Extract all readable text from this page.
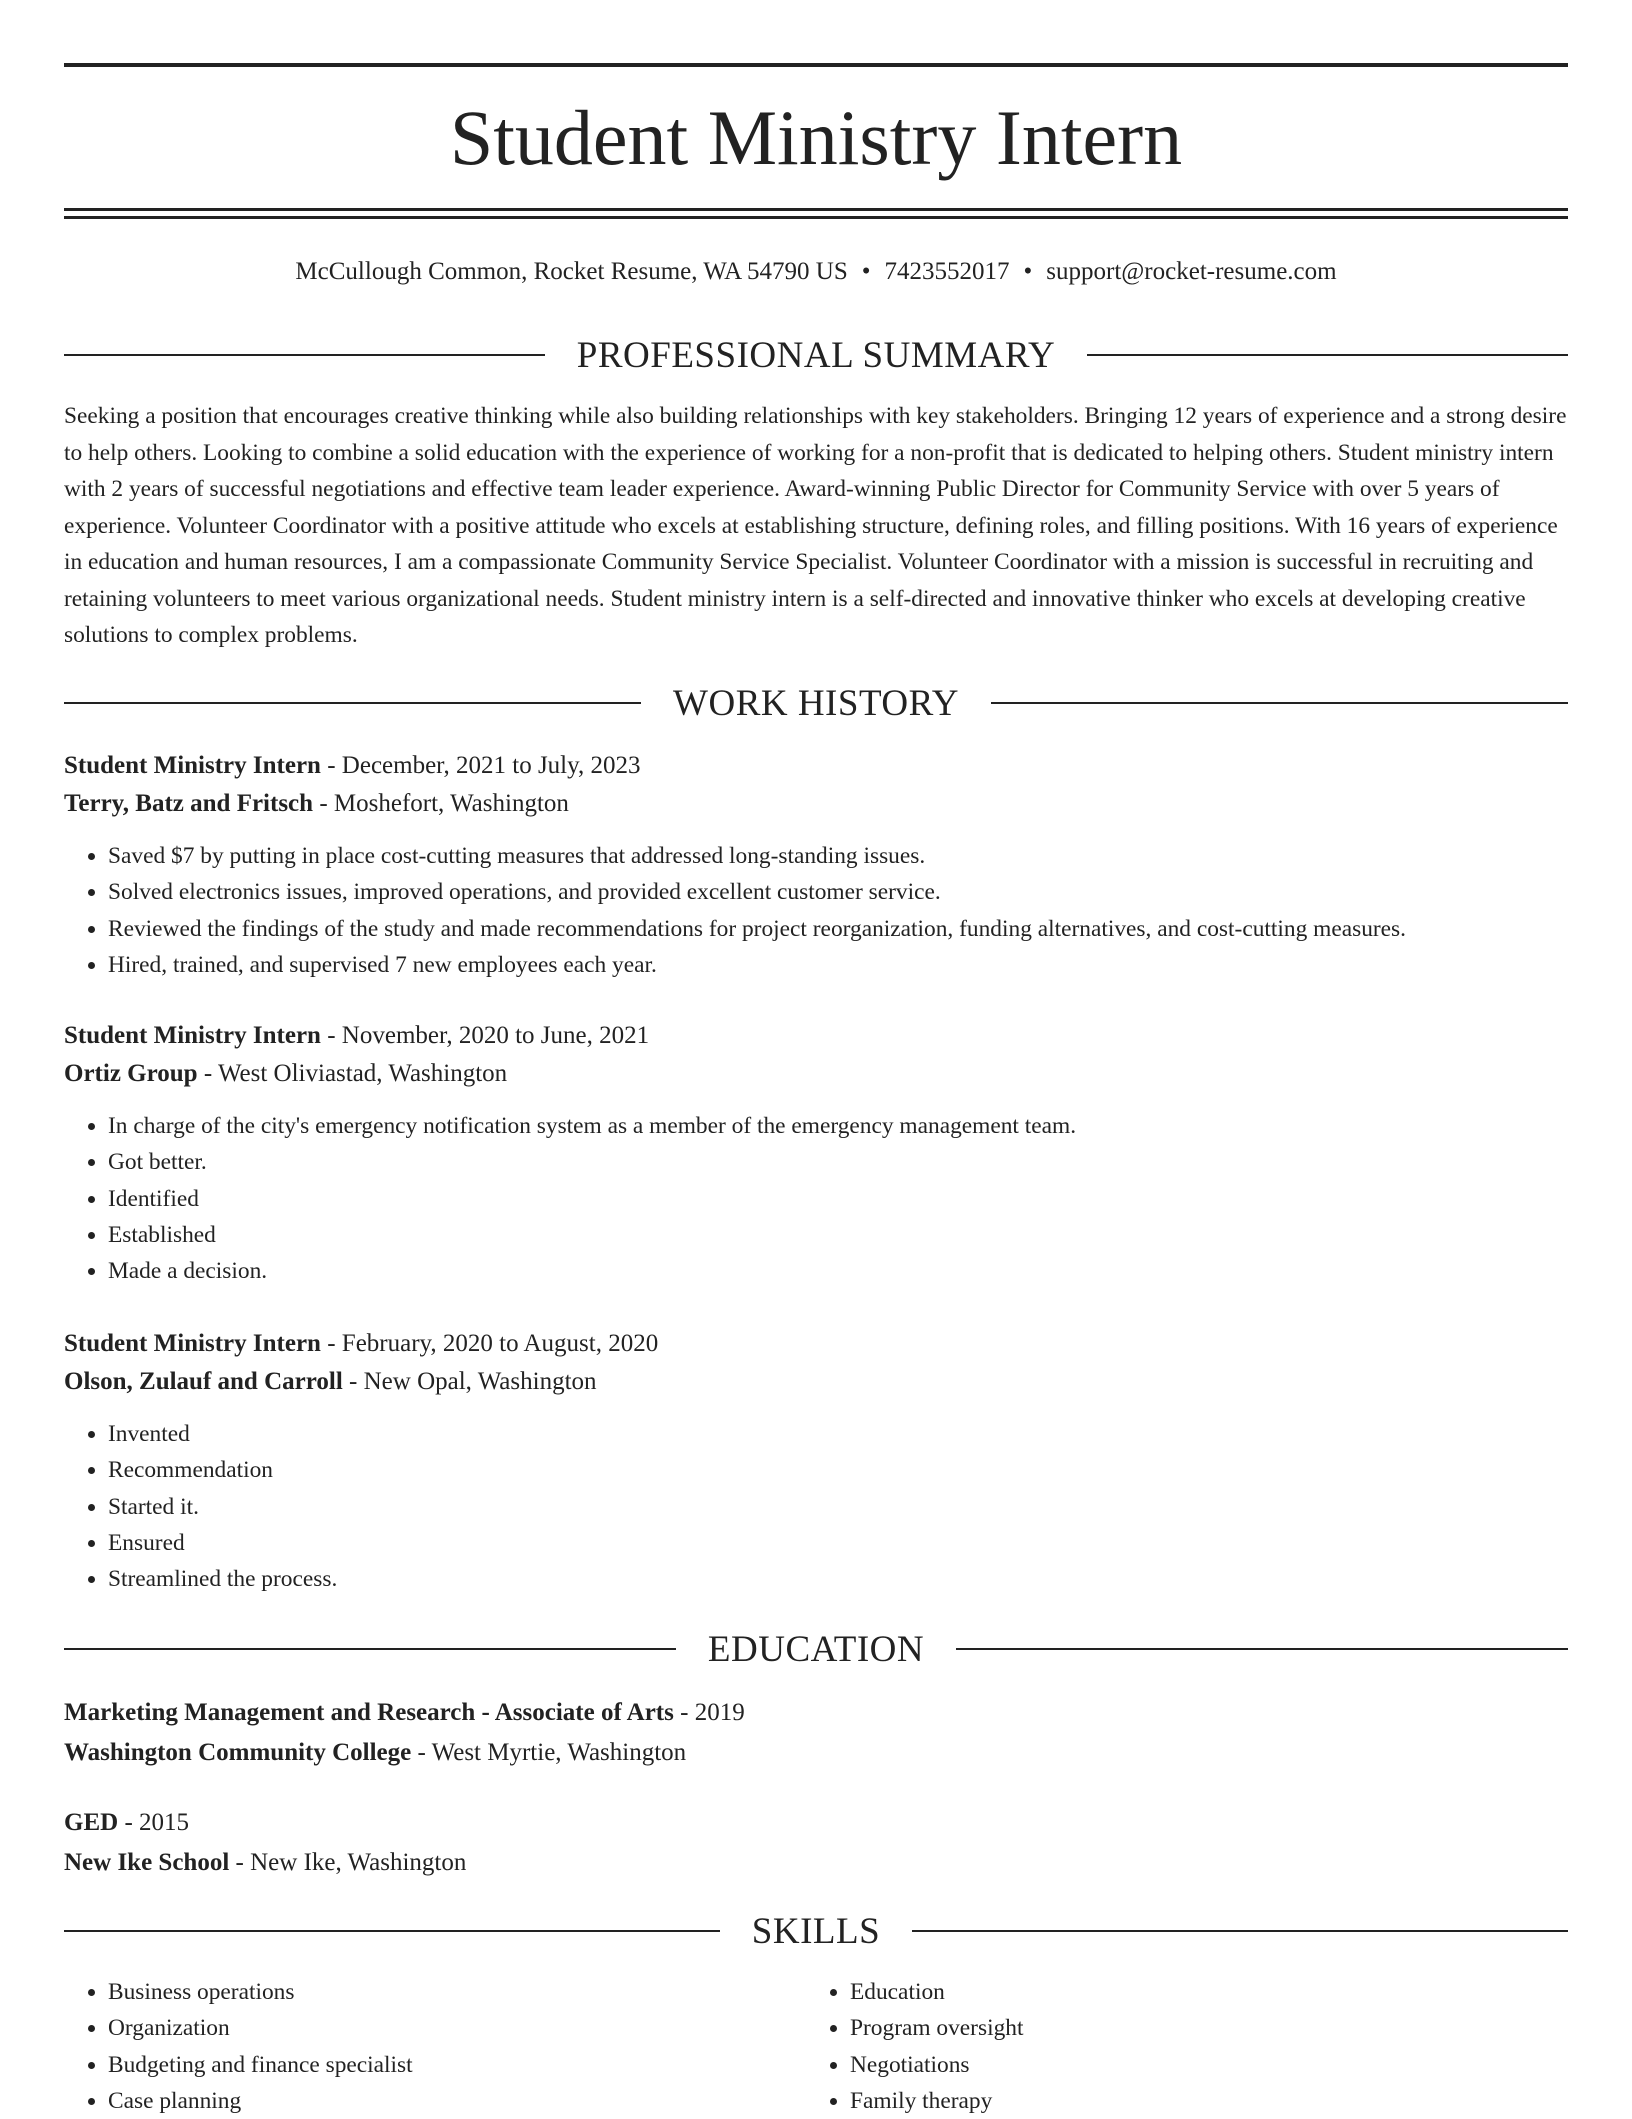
Student Ministry Intern
McCullough Common, Rocket Resume, WA 54790 US • 7423552017 • support@rocket-resume.com
PROFESSIONAL SUMMARY

Seeking a position that encourages creative thinking while also building relationships with key stakeholders. Bringing 12 years of experience and a strong desire to help others. Looking to combine a solid education with the experience of working for a non-profit that is dedicated to helping others. Student ministry intern with 2 years of successful negotiations and effective team leader experience. Award-winning Public Director for Community Service with over 5 years of experience. Volunteer Coordinator with a positive attitude who excels at establishing structure, defining roles, and filling positions. With 16 years of experience in education and human resources, I am a compassionate Community Service Specialist. Volunteer Coordinator with a mission is successful in recruiting and retaining volunteers to meet various organizational needs. Student ministry intern is a self-directed and innovative thinker who excels at developing creative solutions to complex problems.

WORK HISTORY
Student Ministry Intern - December, 2021 to July, 2023
Terry, Batz and Fritsch - Moshefort, Washington
• Saved $7 by putting in place cost-cutting measures that addressed long-standing issues.
• Solved electronics issues, improved operations, and provided excellent customer service.
• Reviewed the findings of the study and made recommendations for project reorganization, funding alternatives, and cost-cutting measures.
• Hired, trained, and supervised 7 new employees each year.
Student Ministry Intern - November, 2020 to June, 2021
Ortiz Group - West Oliviastad, Washington
• In charge of the city's emergency notification system as a member of the emergency management team.
• Got better.
• Identified
• Established
• Made a decision.
Student Ministry Intern - February, 2020 to August, 2020
Olson, Zulauf and Carroll - New Opal, Washington
• Invented
• Recommendation
• Started it.
• Ensured
• Streamlined the process.
EDUCATION
Marketing Management and Research - Associate of Arts - 2019
Washington Community College - West Myrtie, Washington
GED - 2015
New Ike School - New Ike, Washington
SKILLS
• Business operations
• Organization
• Budgeting and finance specialist
• Case planning
• Education
• Program oversight
• Negotiations
• Family therapy
